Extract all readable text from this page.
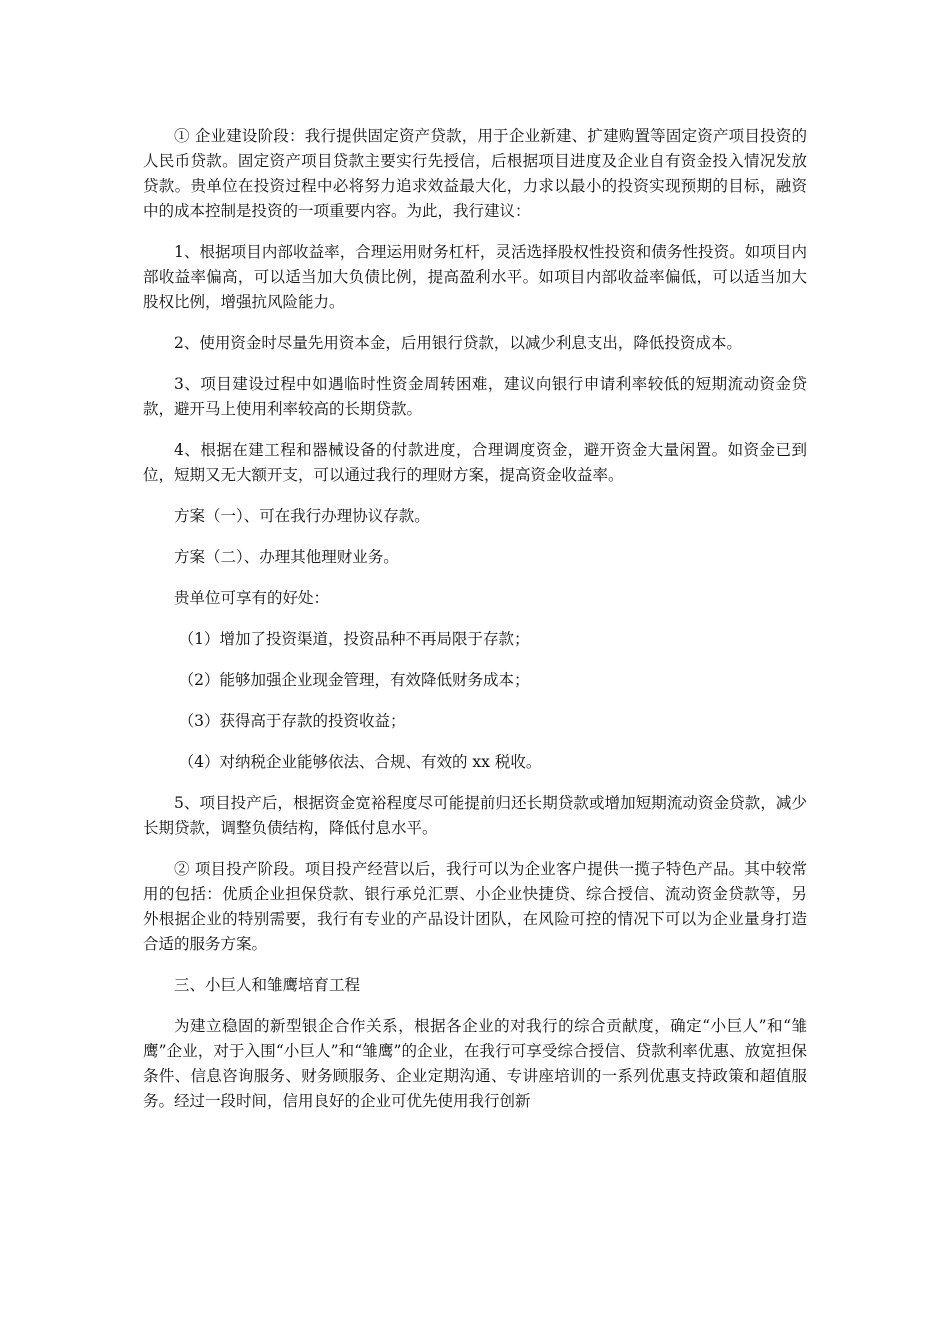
① 企业建设阶段：我行提供固定资产贷款，用于企业新建、扩建购置等固定资产项目投资的人民币贷款。固定资产项目贷款主要实行先授信，后根据项目进度及企业自有资金投入情况发放贷款。贵单位在投资过程中必将努力追求效益最大化，力求以最小的投资实现预期的目标，融资中的成本控制是投资的一项重要内容。为此，我行建议：

1、根据项目内部收益率，合理运用财务杠杆，灵活选择股权性投资和债务性投资。如项目内部收益率偏高，可以适当加大负债比例，提高盈利水平。如项目内部收益率偏低，可以适当加大股权比例，增强抗风险能力。

2、使用资金时尽量先用资本金，后用银行贷款，以减少利息支出，降低投资成本。

3、项目建设过程中如遇临时性资金周转困难，建议向银行申请利率较低的短期流动资金贷款，避开马上使用利率较高的长期贷款。

4、根据在建工程和器械设备的付款进度，合理调度资金，避开资金大量闲置。如资金已到位，短期又无大额开支，可以通过我行的理财方案，提高资金收益率。

方案（一）、可在我行办理协议存款。

方案（二）、办理其他理财业务。

贵单位可享有的好处：

（1）增加了投资渠道，投资品种不再局限于存款；

（2）能够加强企业现金管理，有效降低财务成本；

（3）获得高于存款的投资收益；

（4）对纳税企业能够依法、合规、有效的 xx 税收。

5、项目投产后，根据资金宽裕程度尽可能提前归还长期贷款或增加短期流动资金贷款，减少长期贷款，调整负债结构，降低付息水平。

② 项目投产阶段。项目投产经营以后，我行可以为企业客户提供一揽子特色产品。其中较常用的包括：优质企业担保贷款、银行承兑汇票、小企业快捷贷、综合授信、流动资金贷款等，另外根据企业的特别需要，我行有专业的产品设计团队，在风险可控的情况下可以为企业量身打造合适的服务方案。

三、小巨人和雏鹰培育工程

为建立稳固的新型银企合作关系，根据各企业的对我行的综合贡献度，确定“小巨人”和“雏鹰”企业，对于入围“小巨人”和“雏鹰”的企业，在我行可享受综合授信、贷款利率优惠、放宽担保条件、信息咨询服务、财务顾服务、企业定期沟通、专讲座培训的一系列优惠支持政策和超值服务。经过一段时间，信用良好的企业可优先使用我行创新
